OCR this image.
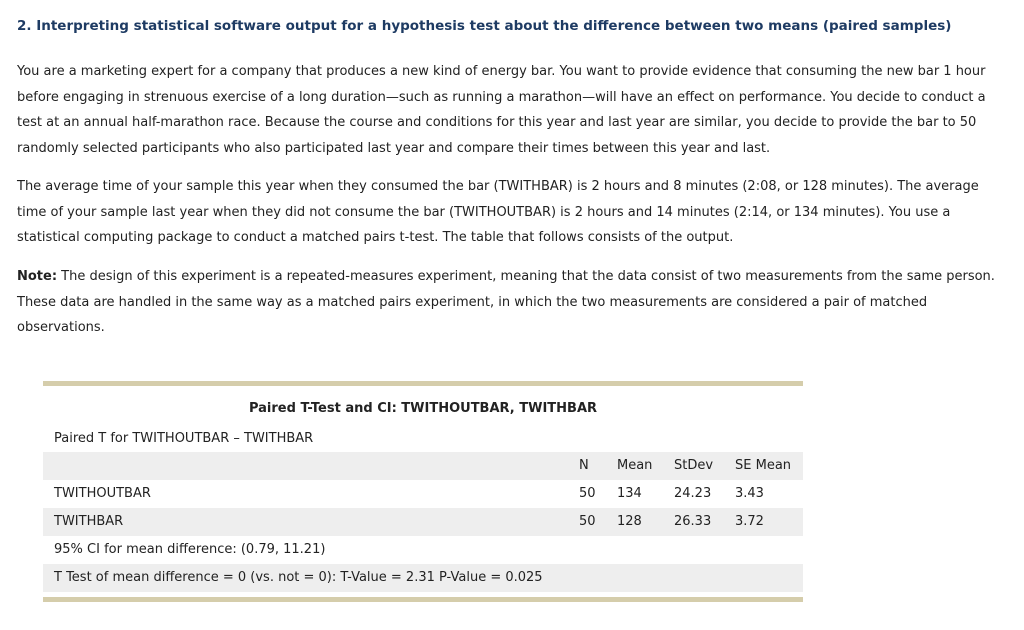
2. Interpreting statistical software output for a hypothesis test about the difference between two means (paired samples)

You are a marketing expert for a company that produces a new kind of energy bar. You want to provide evidence that consuming the new bar 1 hour before engaging in strenuous exercise of a long duration—such as running a marathon—will have an effect on performance. You decide to conduct a test at an annual half-marathon race. Because the course and conditions for this year and last year are similar, you decide to provide the bar to 50 randomly selected participants who also participated last year and compare their times between this year and last.

The average time of your sample this year when they consumed the bar (TWITHBAR) is 2 hours and 8 minutes (2:08, or 128 minutes). The average time of your sample last year when they did not consume the bar (TWITHOUTBAR) is 2 hours and 14 minutes (2:14, or 134 minutes). You use a statistical computing package to conduct a matched pairs t-test. The table that follows consists of the output.

Note: The design of this experiment is a repeated-measures experiment, meaning that the data consist of two measurements from the same person. These data are handled in the same way as a matched pairs experiment, in which the two measurements are considered a pair of matched observations.

Paired T-Test and CI: TWITHOUTBAR, TWITHBAR
Paired T for TWITHOUTBAR – TWITHBAR
N Mean StDev SE Mean
TWITHOUTBAR	50 134 24.23 3.43
TWITHBAR	50 128 26.33 3.72
95% CI for mean difference: (0.79, 11.21)
T Test of mean difference = 0 (vs. not = 0): T-Value = 2.31 P-Value = 0.025
